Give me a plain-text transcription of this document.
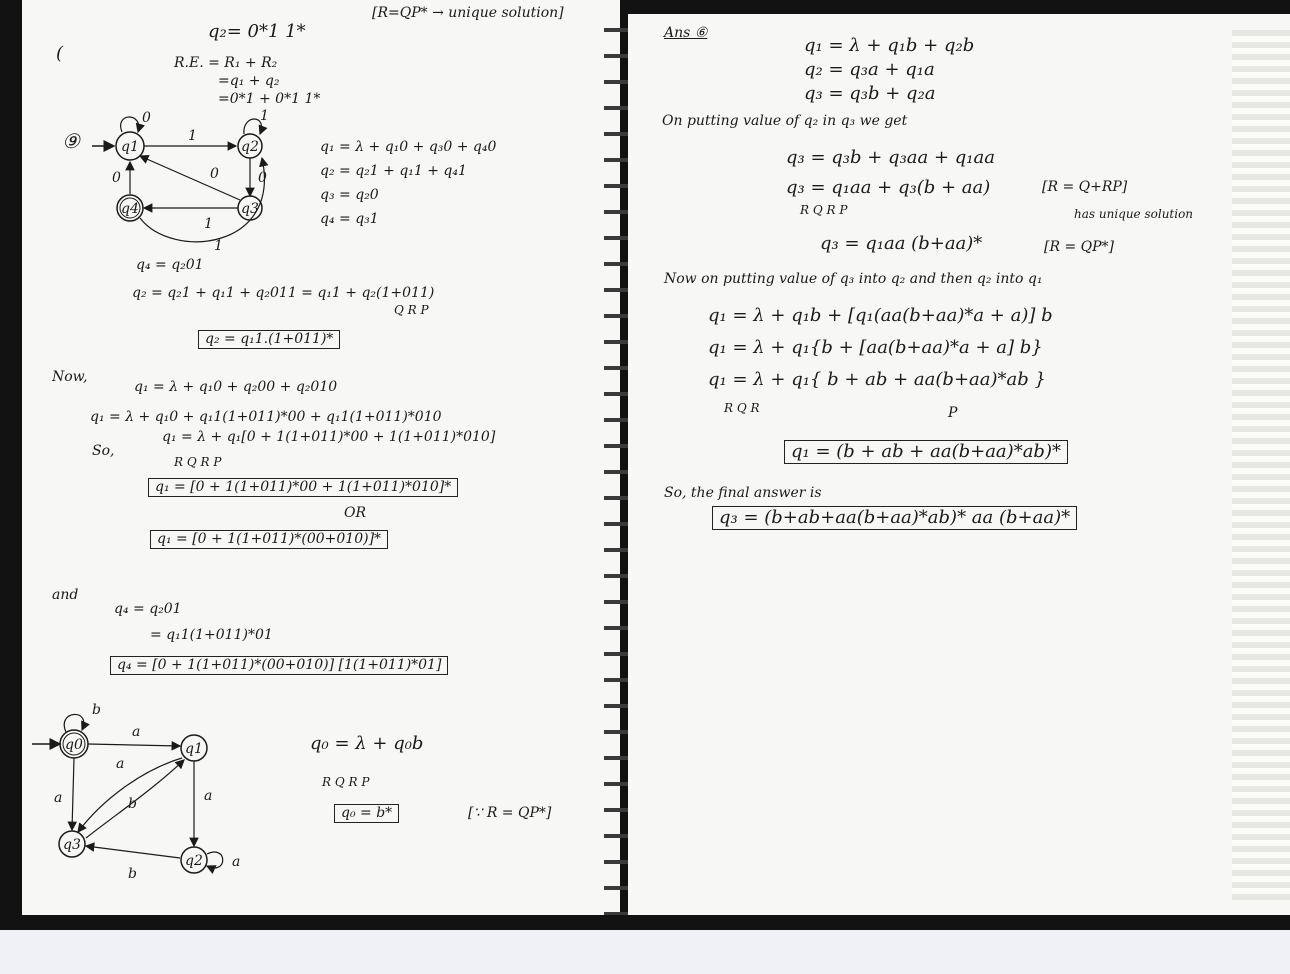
q₂= 0*1 1*
[R=QP* → unique solution]
(	R.E. = R₁ + R₂
=q₁ + q₂
=0*1 + 0*1 1*
⑨	q1	q2
q4	q3
0
1
1
0
0
0
1
1
q₁ = λ + q₁0 + q₃0 + q₄0
q₂ = q₂1 + q₁1 + q₄1
q₃ = q₂0
q₄ = q₃1
q₄ = q₂01
q₂ = q₂1 + q₁1 + q₂011 = q₁1 + q₂(1+011)
Q R P
q₂ = q₁1.(1+011)*
Now,
q₁ = λ + q₁0 + q₂00 + q₂010
q₁ = λ + q₁0 + q₁1(1+011)*00 + q₁1(1+011)*010
So,
q₁ = λ + q₁[0 + 1(1+011)*00 + 1(1+011)*010]
R Q R P
q₁ = [0 + 1(1+011)*00 + 1(1+011)*010]*
OR
q₁ = [0 + 1(1+011)*(00+010)]*
and
q₄ = q₂01
= q₁1(1+011)*01
q₄ = [0 + 1(1+011)*(00+010)] [1(1+011)*01]
q0	q1
q3
q2
b
a
a
b
a	a
b
a
q₀ = λ + q₀b
R Q R P
q₀ = b*	[∵ R = QP*]
Ans ⑥
q₁ = λ + q₁b + q₂b
q₂ = q₃a + q₁a
q₃ = q₃b + q₂a
On putting value of q₂ in q₃ we get
q₃ = q₃b + q₃aa + q₁aa
q₃ = q₁aa + q₃(b + aa)
R Q R P
[R = Q+RP]
has unique solution
q₃ = q₁aa (b+aa)*	[R = QP*]
Now on putting value of q₃ into q₂ and then q₂ into q₁
q₁ = λ + q₁b + [q₁(aa(b+aa)*a + a)] b
q₁ = λ + q₁{b + [aa(b+aa)*a + a] b}
q₁ = λ + q₁{ b + ab + aa(b+aa)*ab }
R Q R	P
q₁ = (b + ab + aa(b+aa)*ab)*
So, the final answer is
q₃ = (b+ab+aa(b+aa)*ab)* aa (b+aa)*
